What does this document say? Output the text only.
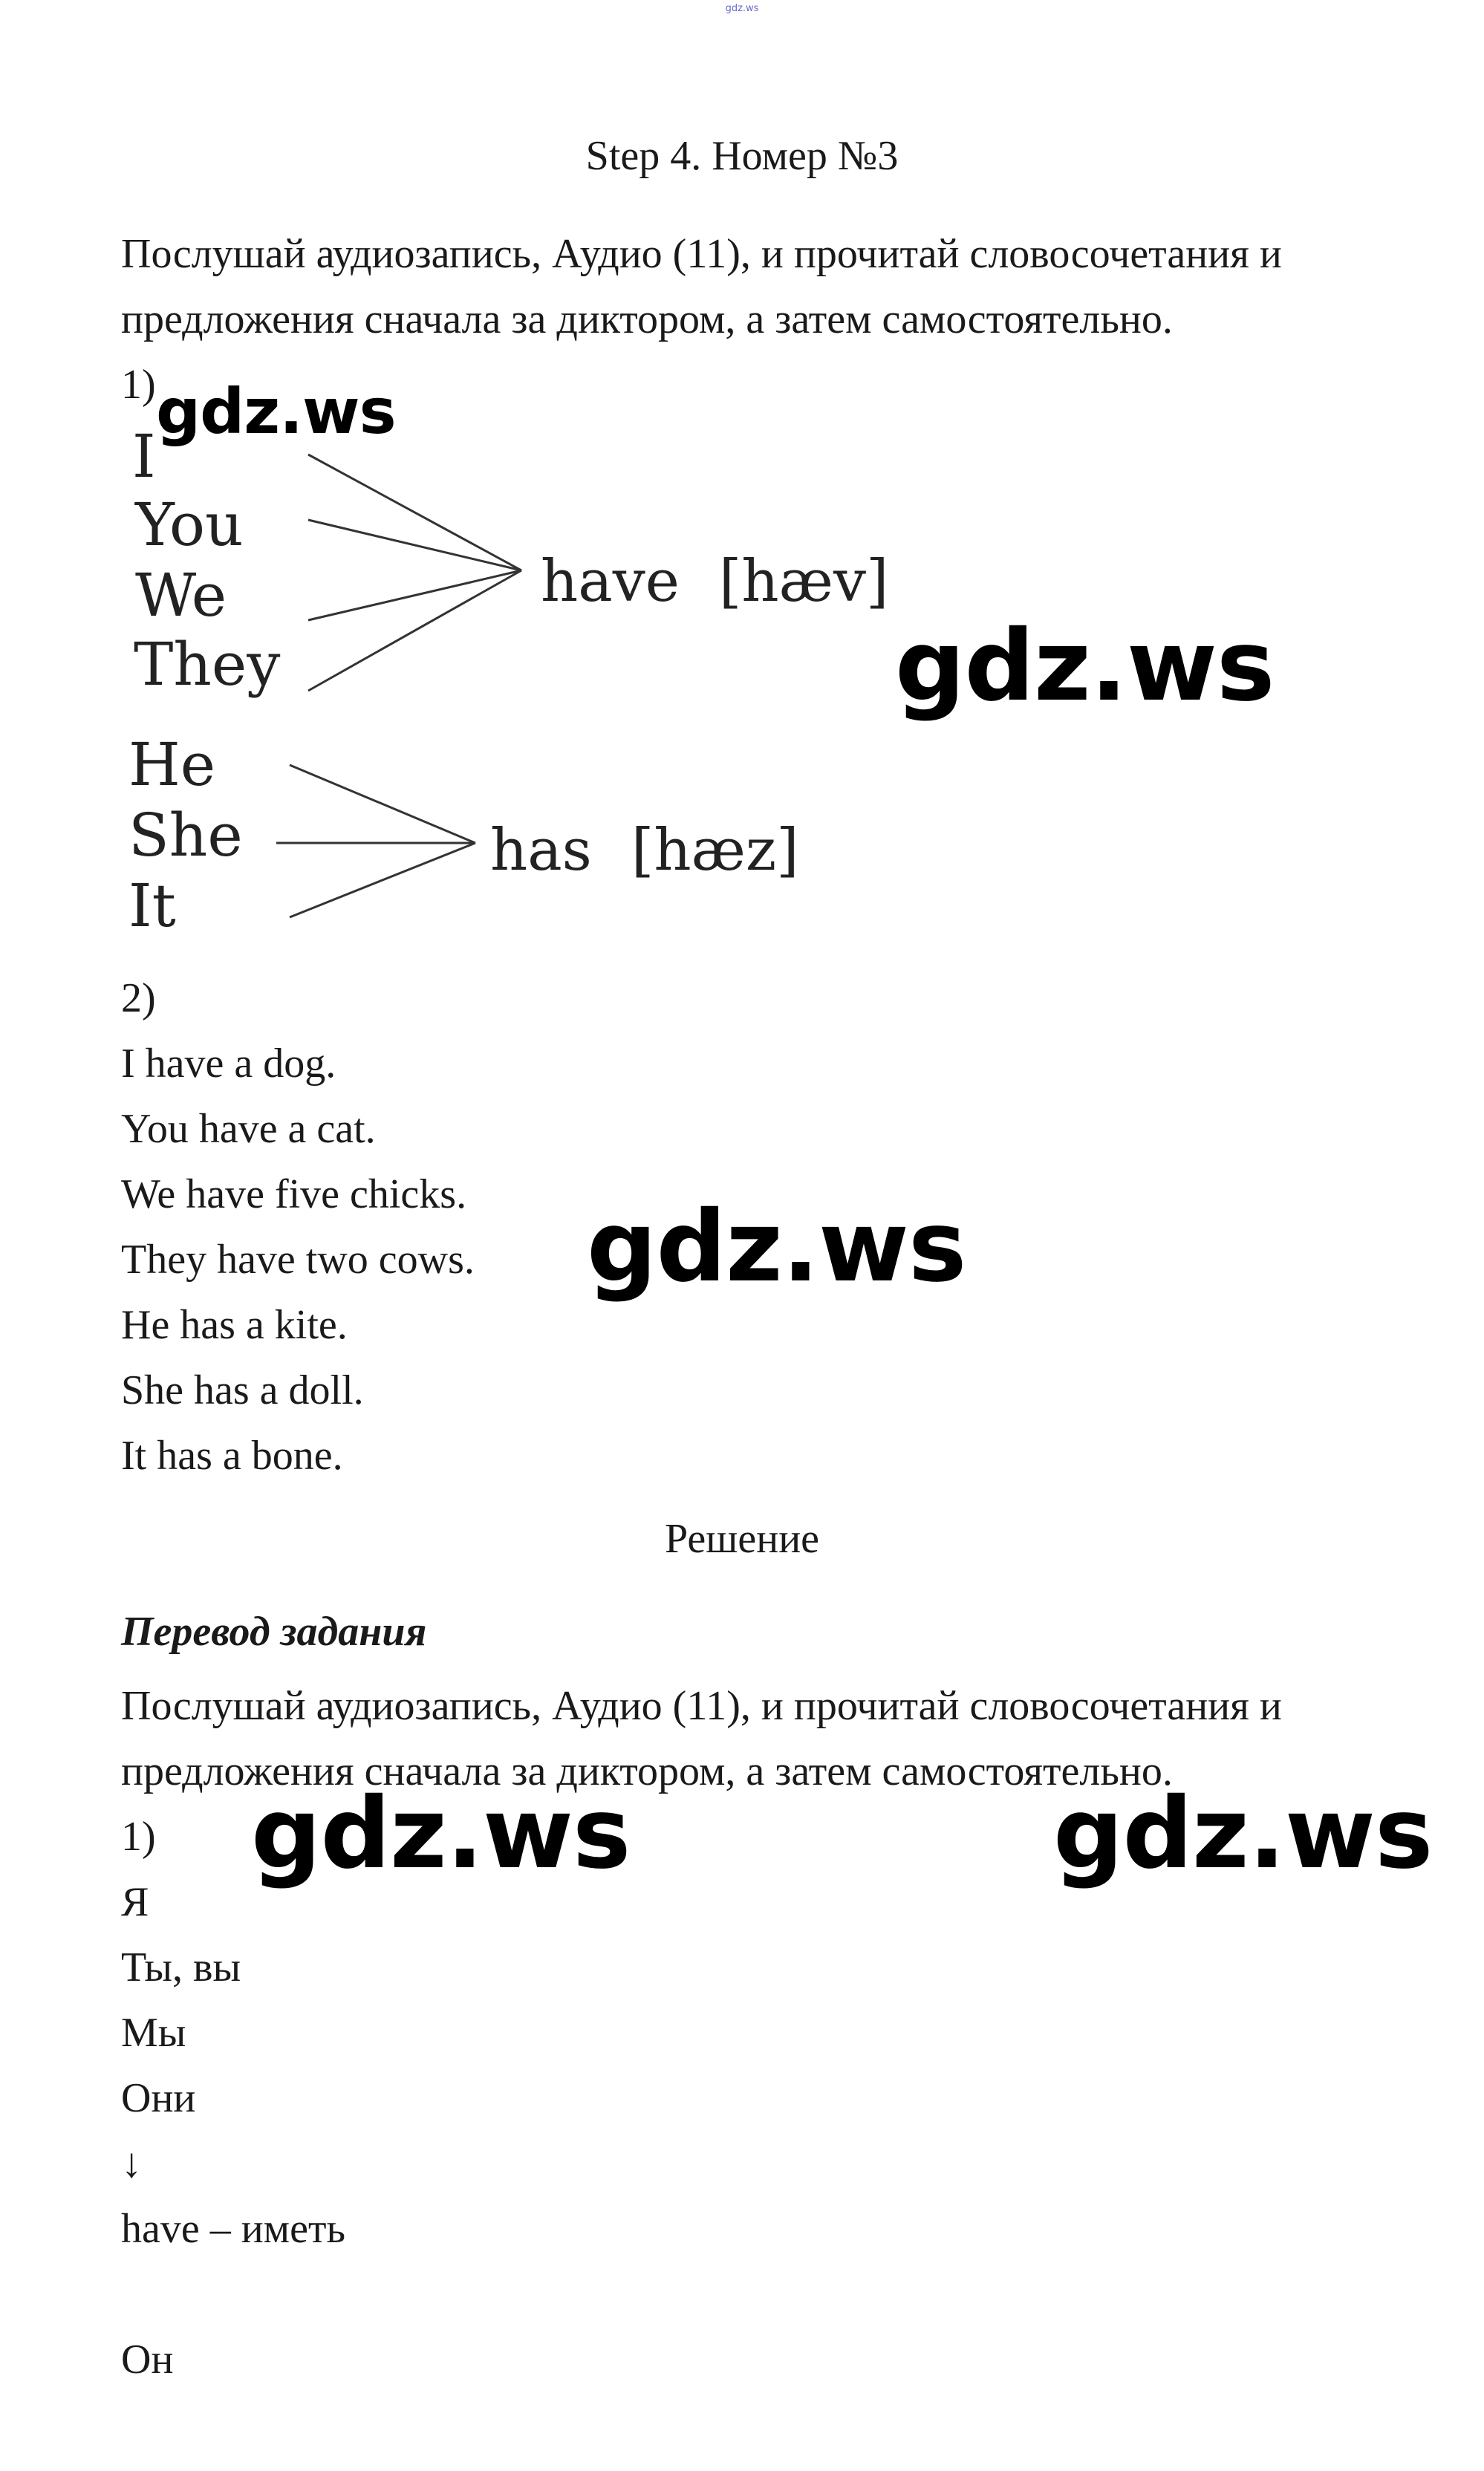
gdz.ws
Step 4. Номер №3
Послушай аудиозапись, Аудио (11), и прочитай словосочетания и
предложения сначала за диктором, а затем самостоятельно.
1)
I
You
We
They
have [hæv]
He
She
It
has [hæz]
2)
I have a dog.
You have a cat.
We have five chicks.
They have two cows.
He has a kite.
She has a doll.
It has a bone.
Решение
Перевод задания
Послушай аудиозапись, Аудио (11), и прочитай словосочетания и
предложения сначала за диктором, а затем самостоятельно.
1)
Я
Ты, вы
Мы
Они
↓
have – иметь
Он
gdz.ws
gdz.ws
gdz.ws
gdz.ws	gdz.ws
